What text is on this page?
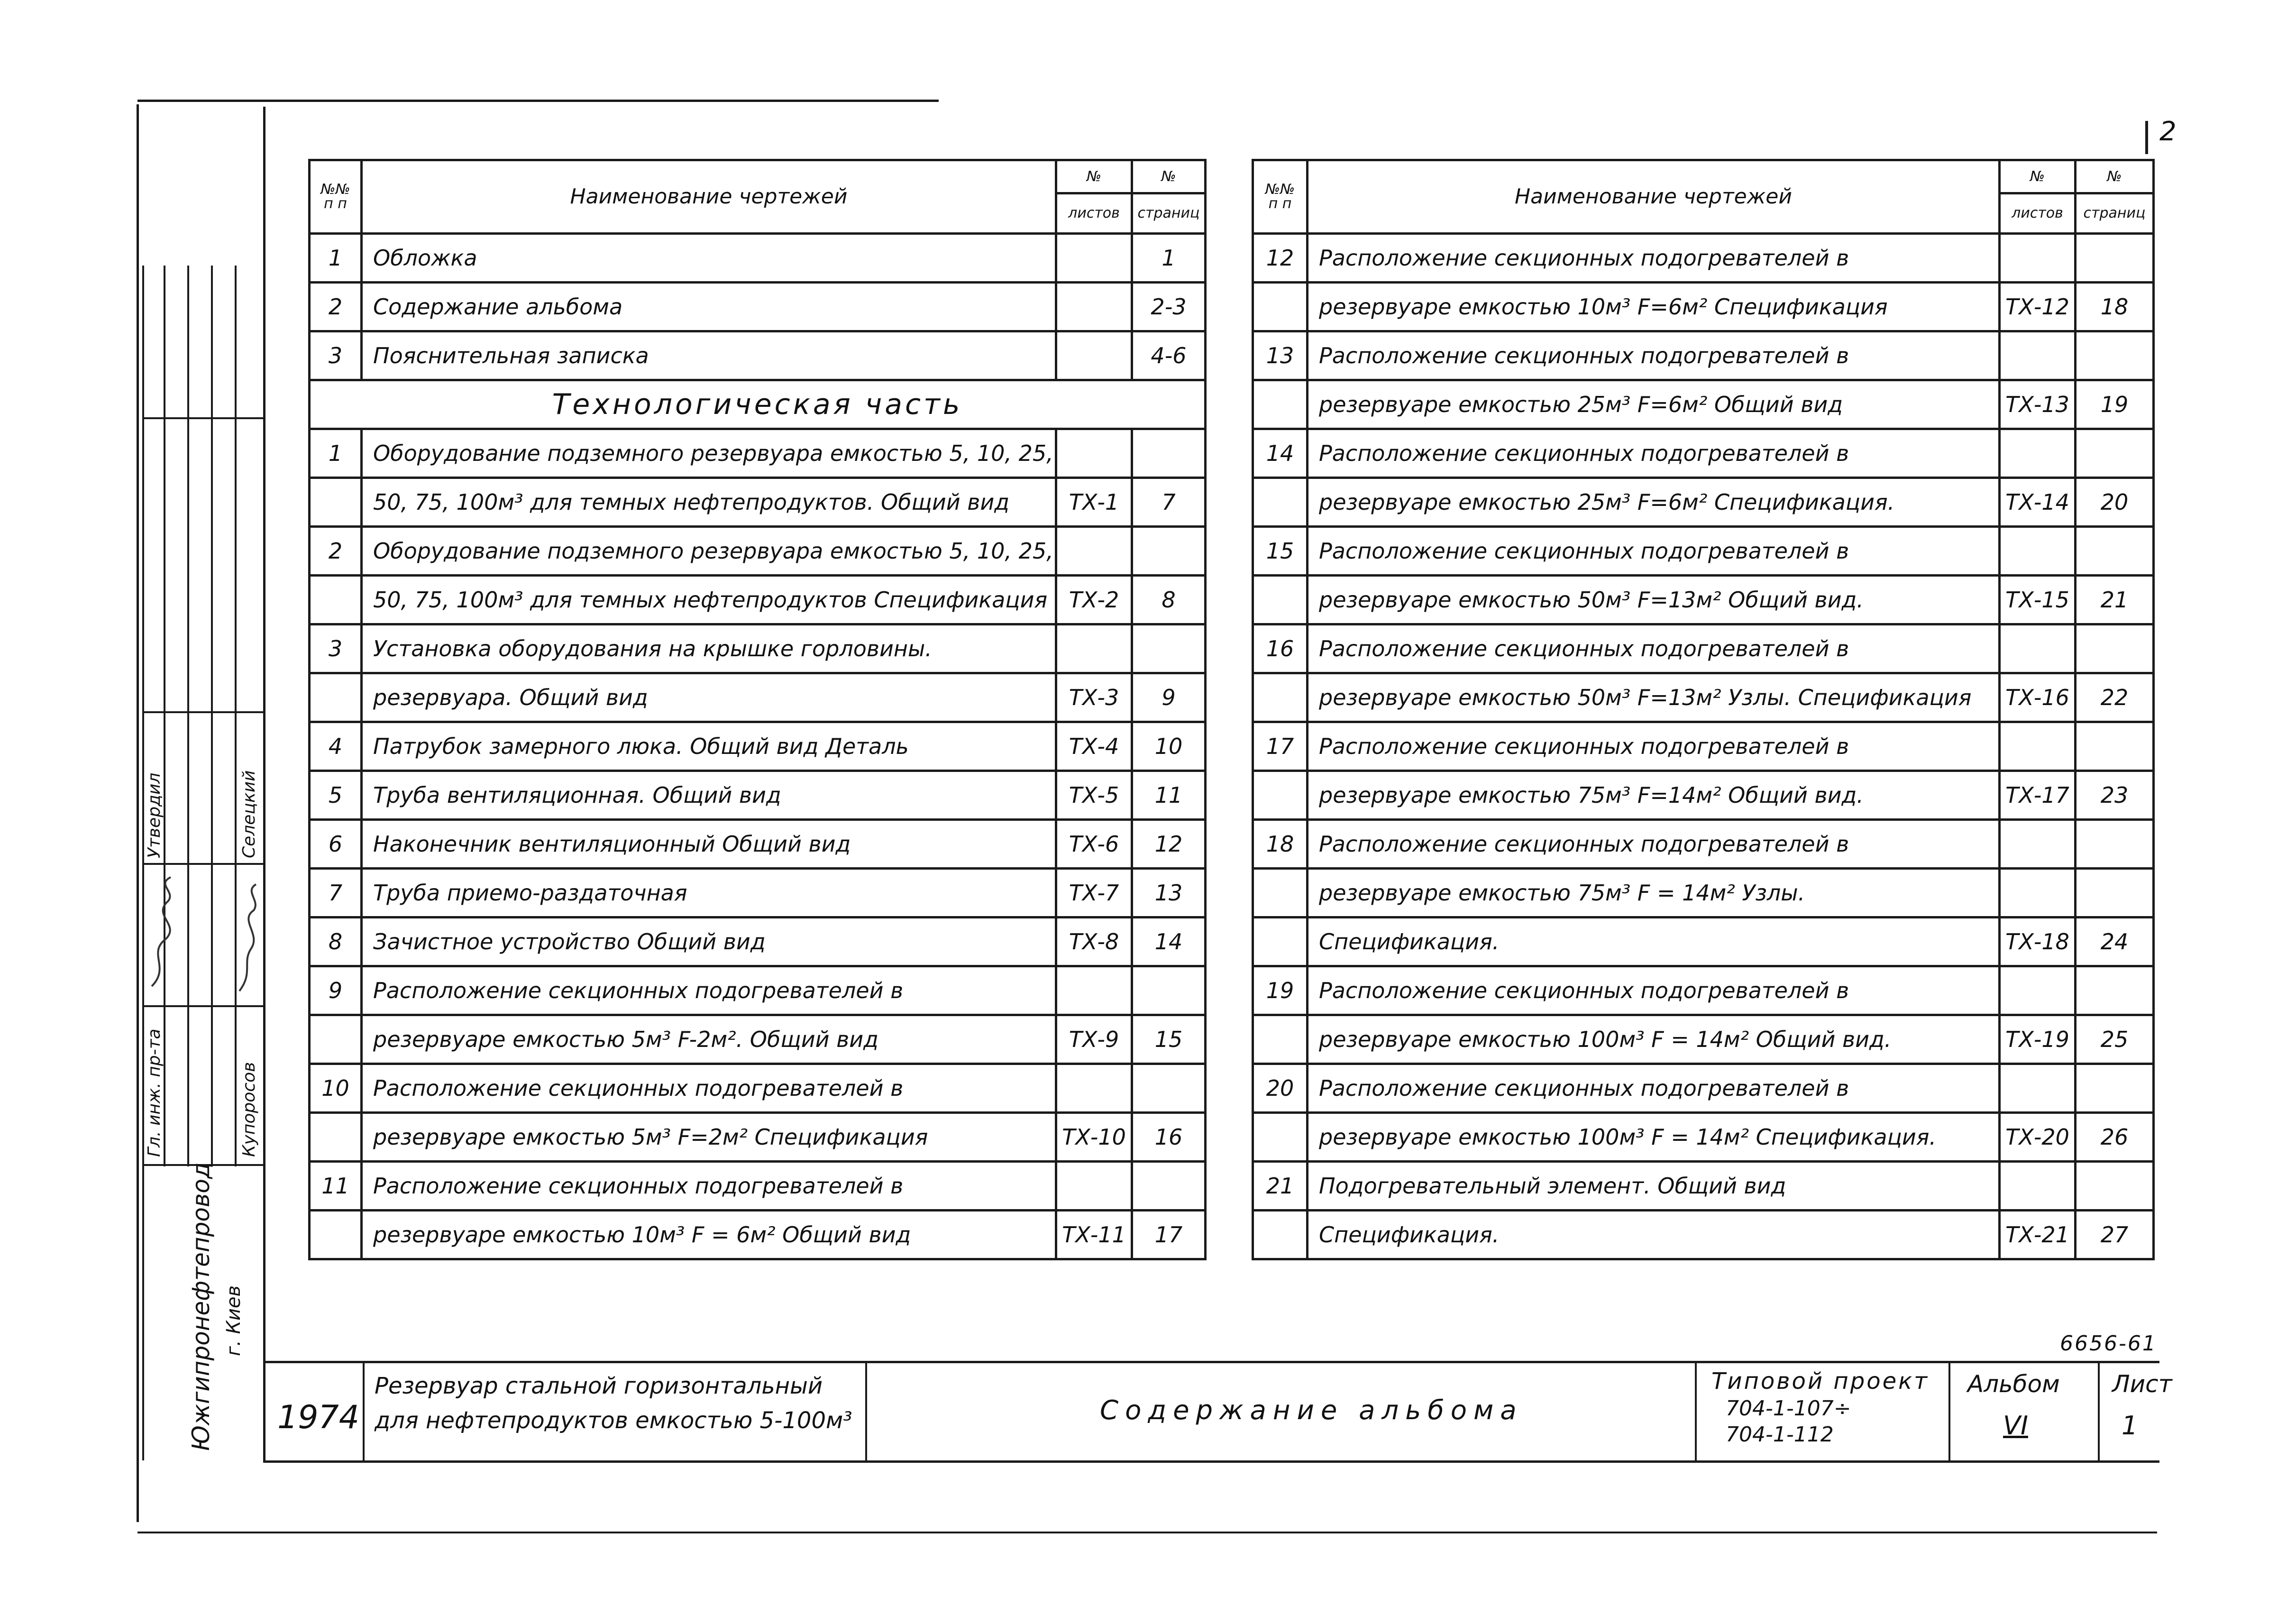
2
№№
п п	Наименование чертежей	№	№
		листов	страниц
1	Обложка		1
2	Содержание альбома		2-3
3	Пояснительная записка		4-6
Технологическая часть			
1	Оборудование подземного резервуара емкостью 5, 10, 25,		
	50, 75, 100м³ для темных нефтепродуктов. Общий вид	ТХ-1	7
2	Оборудование подземного резервуара емкостью 5, 10, 25,		
	50, 75, 100м³ для темных нефтепродуктов Спецификация	ТХ-2	8
3	Установка оборудования на крышке горловины.		
	резервуара. Общий вид	ТХ-3	9
4	Патрубок замерного люка. Общий вид Деталь	ТХ-4	10
5	Труба вентиляционная. Общий вид	ТХ-5	11
6	Наконечник вентиляционный Общий вид	ТХ-6	12
7	Труба приемо-раздаточная	ТХ-7	13
8	Зачистное устройство Общий вид	ТХ-8	14
9	Расположение секционных подогревателей в		
	резервуаре емкостью 5м³ F-2м². Общий вид	ТХ-9	15
10	Расположение секционных подогревателей в		
	резервуаре емкостью 5м³ F=2м² Спецификация	ТХ-10	16
11	Расположение секционных подогревателей в		
	резервуаре емкостью 10м³ F = 6м² Общий вид	ТХ-11	17
№№
п п	Наименование чертежей	№	№
		листов	страниц
12	Расположение секционных подогревателей в		
	резервуаре емкостью 10м³ F=6м² Спецификация	ТХ-12	18
13	Расположение секционных подогревателей в		
	резервуаре емкостью 25м³ F=6м² Общий вид	ТХ-13	19
14	Расположение секционных подогревателей в		
	резервуаре емкостью 25м³ F=6м² Спецификация.	ТХ-14	20
15	Расположение секционных подогревателей в		
	резервуаре емкостью 50м³ F=13м² Общий вид.	ТХ-15	21
16	Расположение секционных подогревателей в		
	резервуаре емкостью 50м³ F=13м² Узлы. Спецификация	ТХ-16	22
17	Расположение секционных подогревателей в		
	резервуаре емкостью 75м³ F=14м² Общий вид.	ТХ-17	23
18	Расположение секционных подогревателей в		
	резервуаре емкостью 75м³ F = 14м² Узлы.		
	Спецификация.	ТХ-18	24
19	Расположение секционных подогревателей в		
	резервуаре емкостью 100м³ F = 14м² Общий вид.	ТХ-19	25
20	Расположение секционных подогревателей в		
	резервуаре емкостью 100м³ F = 14м² Спецификация.	ТХ-20	26
21	Подогревательный элемент. Общий вид		
	Спецификация.	ТХ-21	27
6656-61
Гл. инж. пр-та	Купоросов
Утвердил	Селецкий
Южгипронефтепровод г. Киев
1974
Резервуар стальной горизонтальный
для нефтепродуктов емкостью 5-100м³	Содержание альбома
Типовой проект
704-1-107÷
704-1-112
Альбом
VI
Лист
1
